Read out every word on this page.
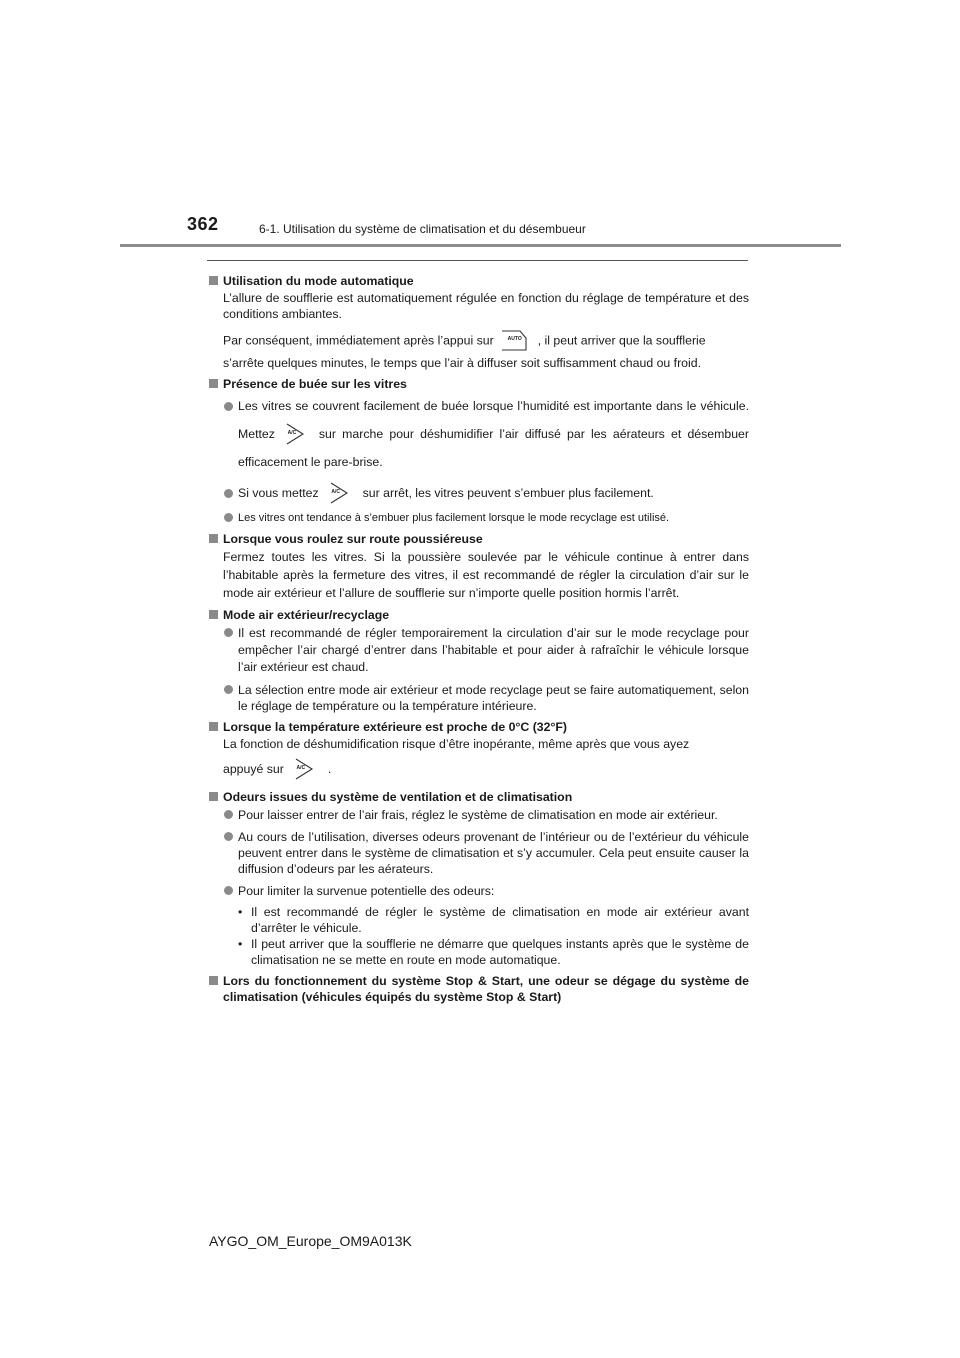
362	6-1. Utilisation du système de climatisation et du désembueur
Utilisation du mode automatique
L’allure de soufflerie est automatiquement régulée en fonction du réglage de température et des conditions ambiantes.
Par conséquent, immédiatement après l’appui sur	AUTO	, il peut arriver que la soufflerie
s’arrête quelques minutes, le temps que l’air à diffuser soit suffisamment chaud ou froid.
Présence de buée sur les vitres
Les vitres se couvrent facilement de buée lorsque l’humidité est importante dans le véhicule. Mettez	A/C	sur marche pour déshumidifier l’air diffusé par les aérateurs et désembuer efficacement le pare-brise.
Si vous mettez	A/C	sur arrêt, les vitres peuvent s’embuer plus facilement.
Les vitres ont tendance à s’embuer plus facilement lorsque le mode recyclage est utilisé.
Lorsque vous roulez sur route poussiéreuse
Fermez toutes les vitres. Si la poussière soulevée par le véhicule continue à entrer dans l’habitable après la fermeture des vitres, il est recommandé de régler la circulation d’air sur le mode air extérieur et l’allure de soufflerie sur n’importe quelle position hormis l’arrêt.
Mode air extérieur/recyclage
Il est recommandé de régler temporairement la circulation d’air sur le mode recyclage pour empêcher l’air chargé d’entrer dans l’habitable et pour aider à rafraîchir le véhicule lorsque l’air extérieur est chaud.
La sélection entre mode air extérieur et mode recyclage peut se faire automatiquement, selon le réglage de température ou la température intérieure.
Lorsque la température extérieure est proche de 0°C (32°F)
La fonction de déshumidification risque d’être inopérante, même après que vous ayez
appuyé sur	A/C	.
Odeurs issues du système de ventilation et de climatisation
Pour laisser entrer de l’air frais, réglez le système de climatisation en mode air extérieur.
Au cours de l’utilisation, diverses odeurs provenant de l’intérieur ou de l’extérieur du véhicule peuvent entrer dans le système de climatisation et s’y accumuler. Cela peut ensuite causer la diffusion d’odeurs par les aérateurs.
Pour limiter la survenue potentielle des odeurs:
• Il est recommandé de régler le système de climatisation en mode air extérieur avant d’arrêter le véhicule.
• Il peut arriver que la soufflerie ne démarre que quelques instants après que le système de climatisation ne se mette en route en mode automatique.
Lors du fonctionnement du système Stop & Start, une odeur se dégage du système de climatisation (véhicules équipés du système Stop & Start)
AYGO_OM_Europe_OM9A013K
